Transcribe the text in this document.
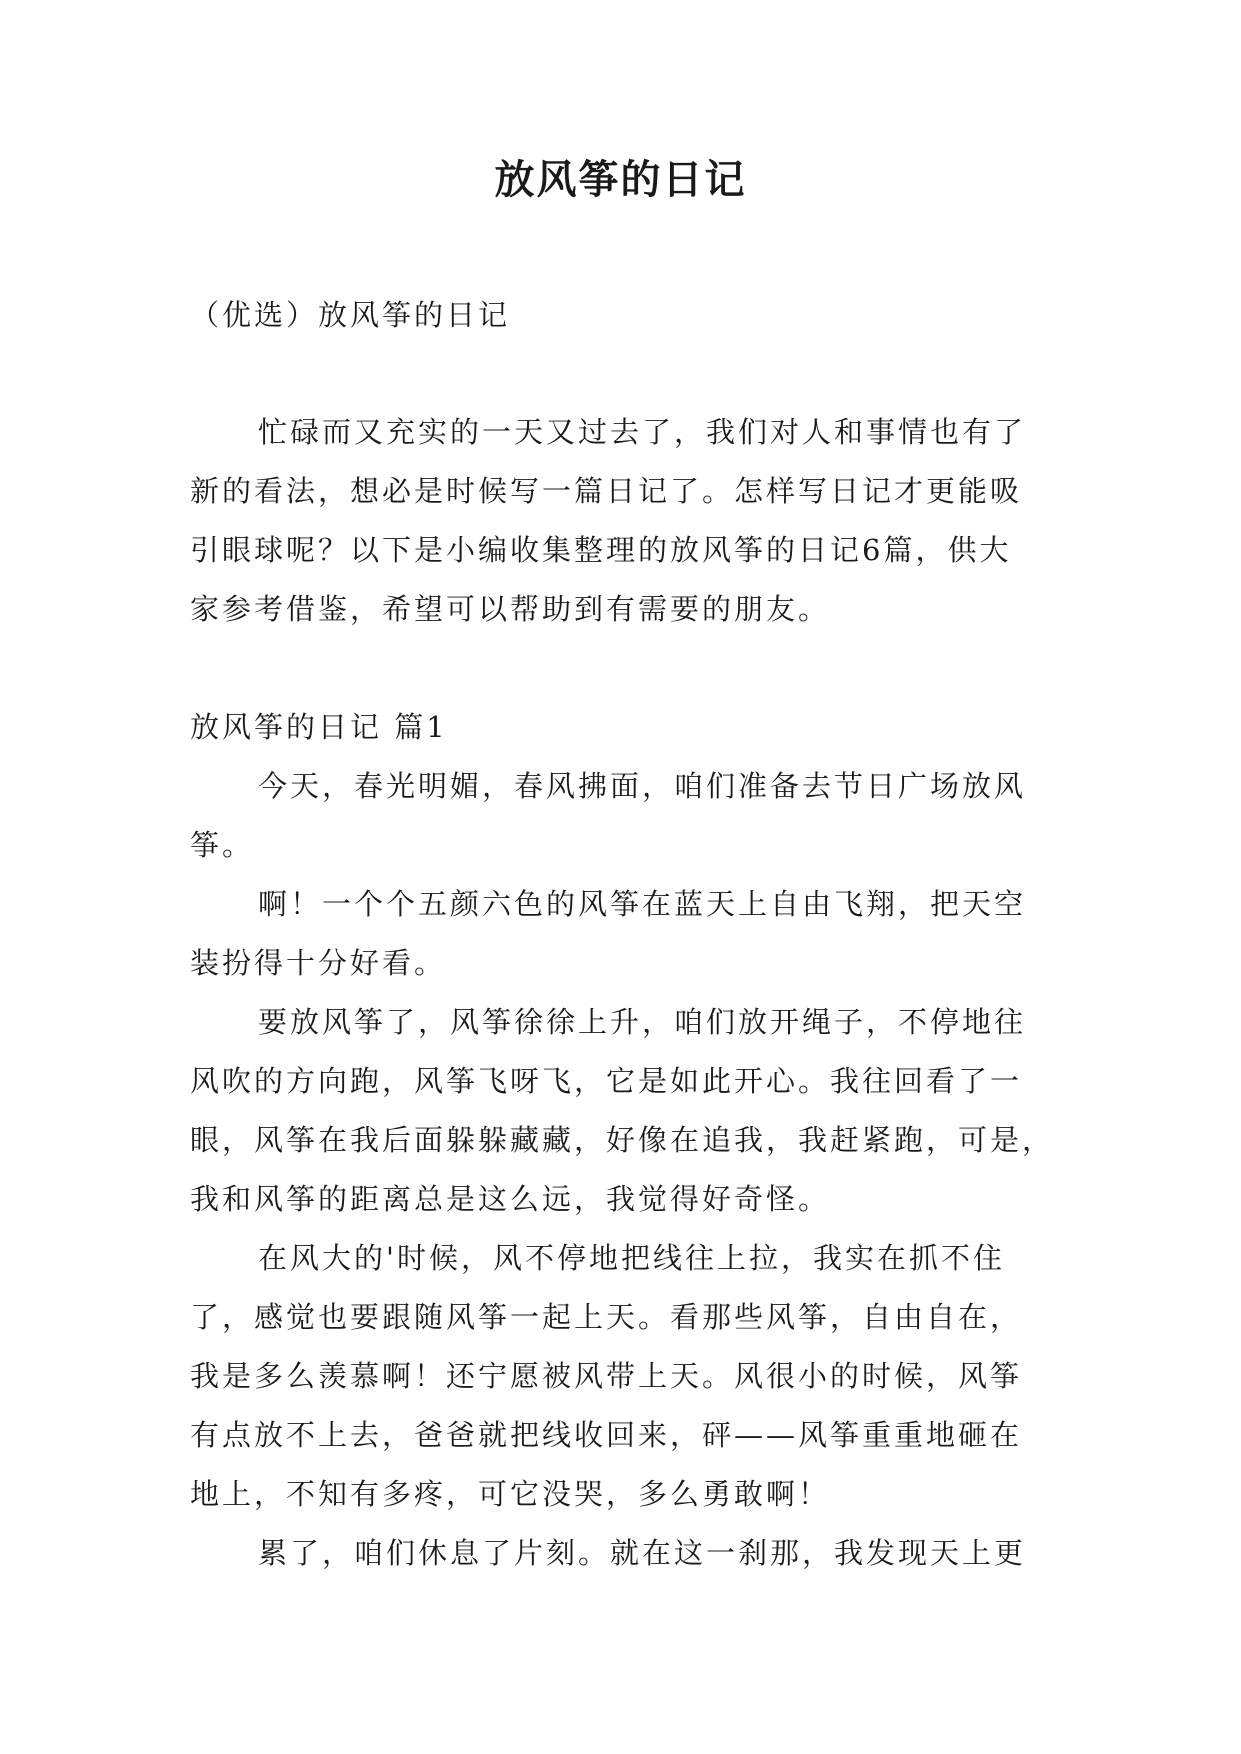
放风筝的日记

（优选）放风筝的日记

忙碌而又充实的一天又过去了，我们对人和事情也有了

新的看法，想必是时候写一篇日记了。怎样写日记才更能吸

引眼球呢？以下是小编收集整理的放风筝的日记6篇，供大

家参考借鉴，希望可以帮助到有需要的朋友。

放风筝的日记 篇1

今天，春光明媚，春风拂面，咱们准备去节日广场放风

筝。

啊！一个个五颜六色的风筝在蓝天上自由飞翔，把天空

装扮得十分好看。

要放风筝了，风筝徐徐上升，咱们放开绳子，不停地往

风吹的方向跑，风筝飞呀飞，它是如此开心。我往回看了一

眼，风筝在我后面躲躲藏藏，好像在追我，我赶紧跑，可是，

我和风筝的距离总是这么远，我觉得好奇怪。

在风大的'时候，风不停地把线往上拉，我实在抓不住

了，感觉也要跟随风筝一起上天。看那些风筝，自由自在，

我是多么羡慕啊！还宁愿被风带上天。风很小的时候，风筝

有点放不上去，爸爸就把线收回来，砰——风筝重重地砸在

地上，不知有多疼，可它没哭，多么勇敢啊！

累了，咱们休息了片刻。就在这一刹那，我发现天上更
